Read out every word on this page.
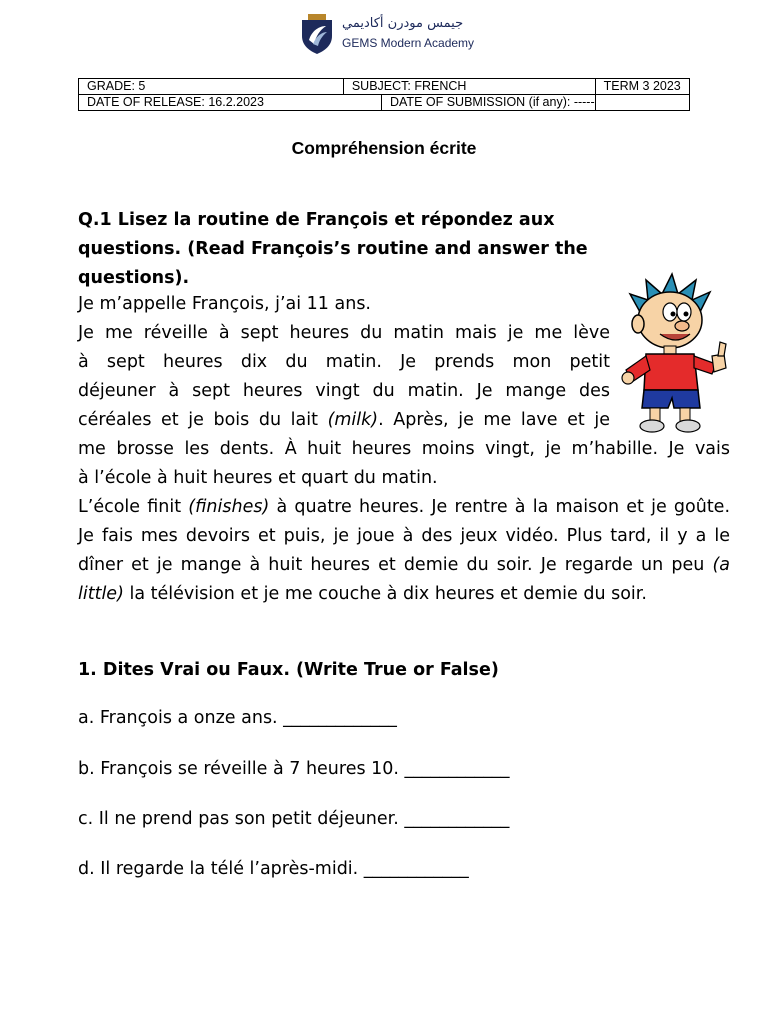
جيمس مودرن أكاديمي
GEMS Modern Academy
GRADE: 5	SUBJECT: FRENCH	TERM 3 2023

DATE OF RELEASE: 16.2.2023 DATE OF SUBMISSION (if any): -----		

Compréhension écrite
Q.1 Lisez la routine de François et répondez aux
questions. (Read François’s routine and answer the
questions).

Je m’appelle François, j’ai 11 ans.

Je me réveille à sept heures du matin mais je me lève

à sept heures dix du matin. Je prends mon petit

déjeuner à sept heures vingt du matin. Je mange des

céréales et je bois du lait (milk). Après, je me lave et je

me brosse les dents. À huit heures moins vingt, je m’habille. Je vais

à l’école à huit heures et quart du matin.

L’école finit (finishes) à quatre heures. Je rentre à la maison et je goûte. Je fais mes devoirs et puis, je joue à des jeux vidéo. Plus tard, il y a le dîner et je mange à huit heures et demie du soir. Je regarde un peu (a little) la télévision et je me couche à dix heures et demie du soir.

1. Dites Vrai ou Faux. (Write True or False)
a. François a onze ans. _____________
b. François se réveille à 7 heures 10. ____________
c. Il ne prend pas son petit déjeuner. ____________
d. Il regarde la télé l’après-midi. ____________
